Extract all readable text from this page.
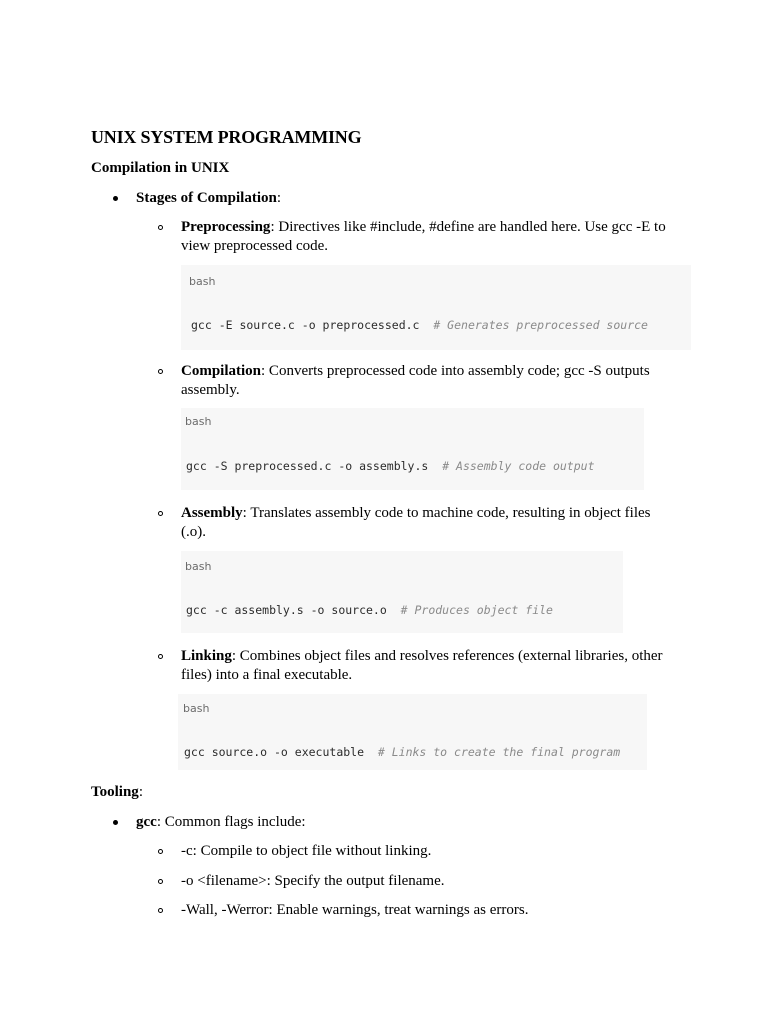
UNIX SYSTEM PROGRAMMING
Compilation in UNIX
Stages of Compilation:
Preprocessing: Directives like #include, #define are handled here. Use gcc -E to view preprocessed code.
bash
gcc -E source.c -o preprocessed.c  # Generates preprocessed source
Compilation: Converts preprocessed code into assembly code; gcc -S outputs assembly.
bash
gcc -S preprocessed.c -o assembly.s  # Assembly code output
Assembly: Translates assembly code to machine code, resulting in object files (.o).
bash
gcc -c assembly.s -o source.o  # Produces object file
Linking: Combines object files and resolves references (external libraries, other files) into a final executable.
bash
gcc source.o -o executable  # Links to create the final program
Tooling:
gcc: Common flags include:
-c: Compile to object file without linking.
-o <filename>: Specify the output filename.
-Wall, -Werror: Enable warnings, treat warnings as errors.
